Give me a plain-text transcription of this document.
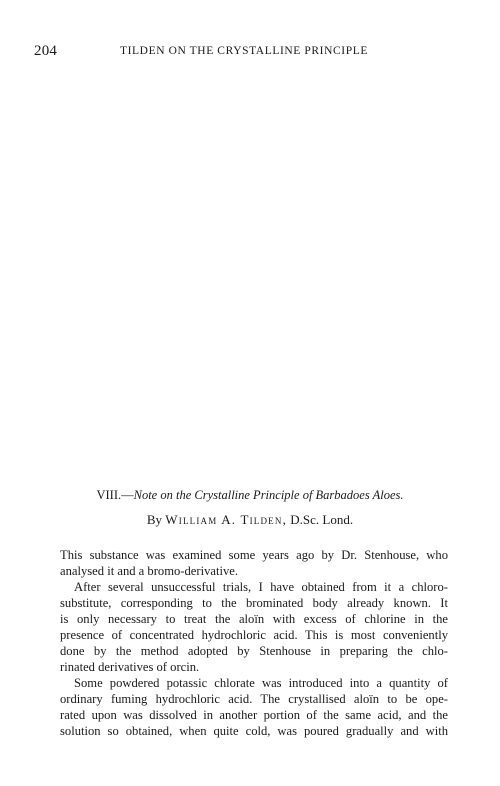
204	TILDEN ON THE CRYSTALLINE PRINCIPLE
VIII.—Note on the Crystalline Principle of Barbadoes Aloes.
By William A. Tilden, D.Sc. Lond.
This substance was examined some years ago by Dr. Stenhouse, who
analysed it and a bromo-derivative.
After several unsuccessful trials, I have obtained from it a chloro-
substitute, corresponding to the brominated body already known. It
is only necessary to treat the aloïn with excess of chlorine in the
presence of concentrated hydrochloric acid. This is most conveniently
done by the method adopted by Stenhouse in preparing the chlo-
rinated derivatives of orcin.
Some powdered potassic chlorate was introduced into a quantity of
ordinary fuming hydrochloric acid. The crystallised aloïn to be ope-
rated upon was dissolved in another portion of the same acid, and the
solution so obtained, when quite cold, was poured gradually and with
